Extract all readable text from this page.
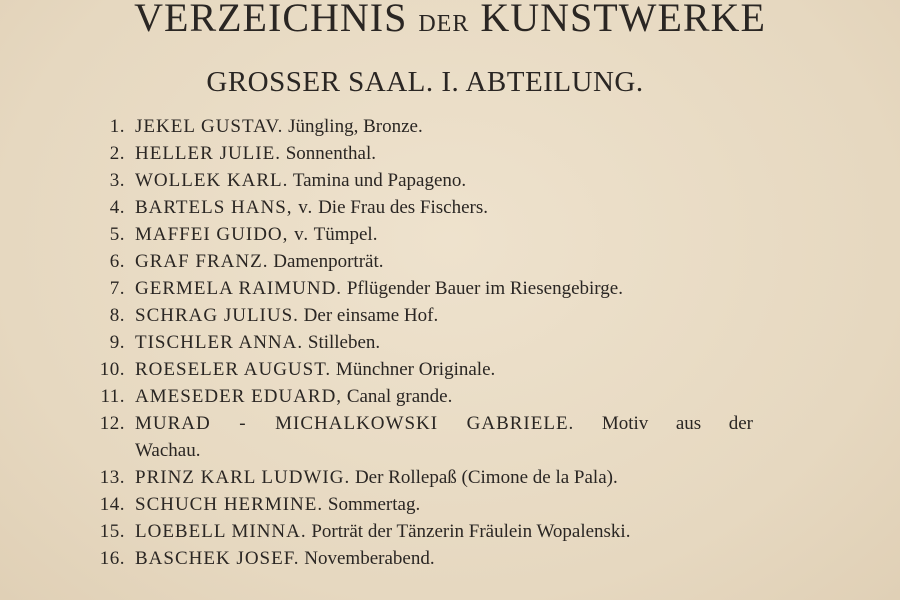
VERZEICHNIS DER KUNSTWERKE
GROSSER SAAL. I. ABTEILUNG.
1. JEKEL GUSTAV. Jüngling, Bronze.
2. HELLER JULIE. Sonnenthal.
3. WOLLEK KARL. Tamina und Papageno.
4. BARTELS HANS, v. Die Frau des Fischers.
5. MAFFEI GUIDO, v. Tümpel.
6. GRAF FRANZ. Damenporträt.
7. GERMELA RAIMUND. Pflügender Bauer im Riesengebirge.
8. SCHRAG JULIUS. Der einsame Hof.
9. TISCHLER ANNA. Stilleben.
10. ROESELER AUGUST. Münchner Originale.
11. AMESEDER EDUARD, Canal grande.
12. MURAD - MICHALKOWSKI GABRIELE. Motiv aus der
Wachau.
13. PRINZ KARL LUDWIG. Der Rollepaß (Cimone de la Pala).
14. SCHUCH HERMINE. Sommertag.
15. LOEBELL MINNA. Porträt der Tänzerin Fräulein Wopalenski.
16. BASCHEK JOSEF. Novemberabend.
